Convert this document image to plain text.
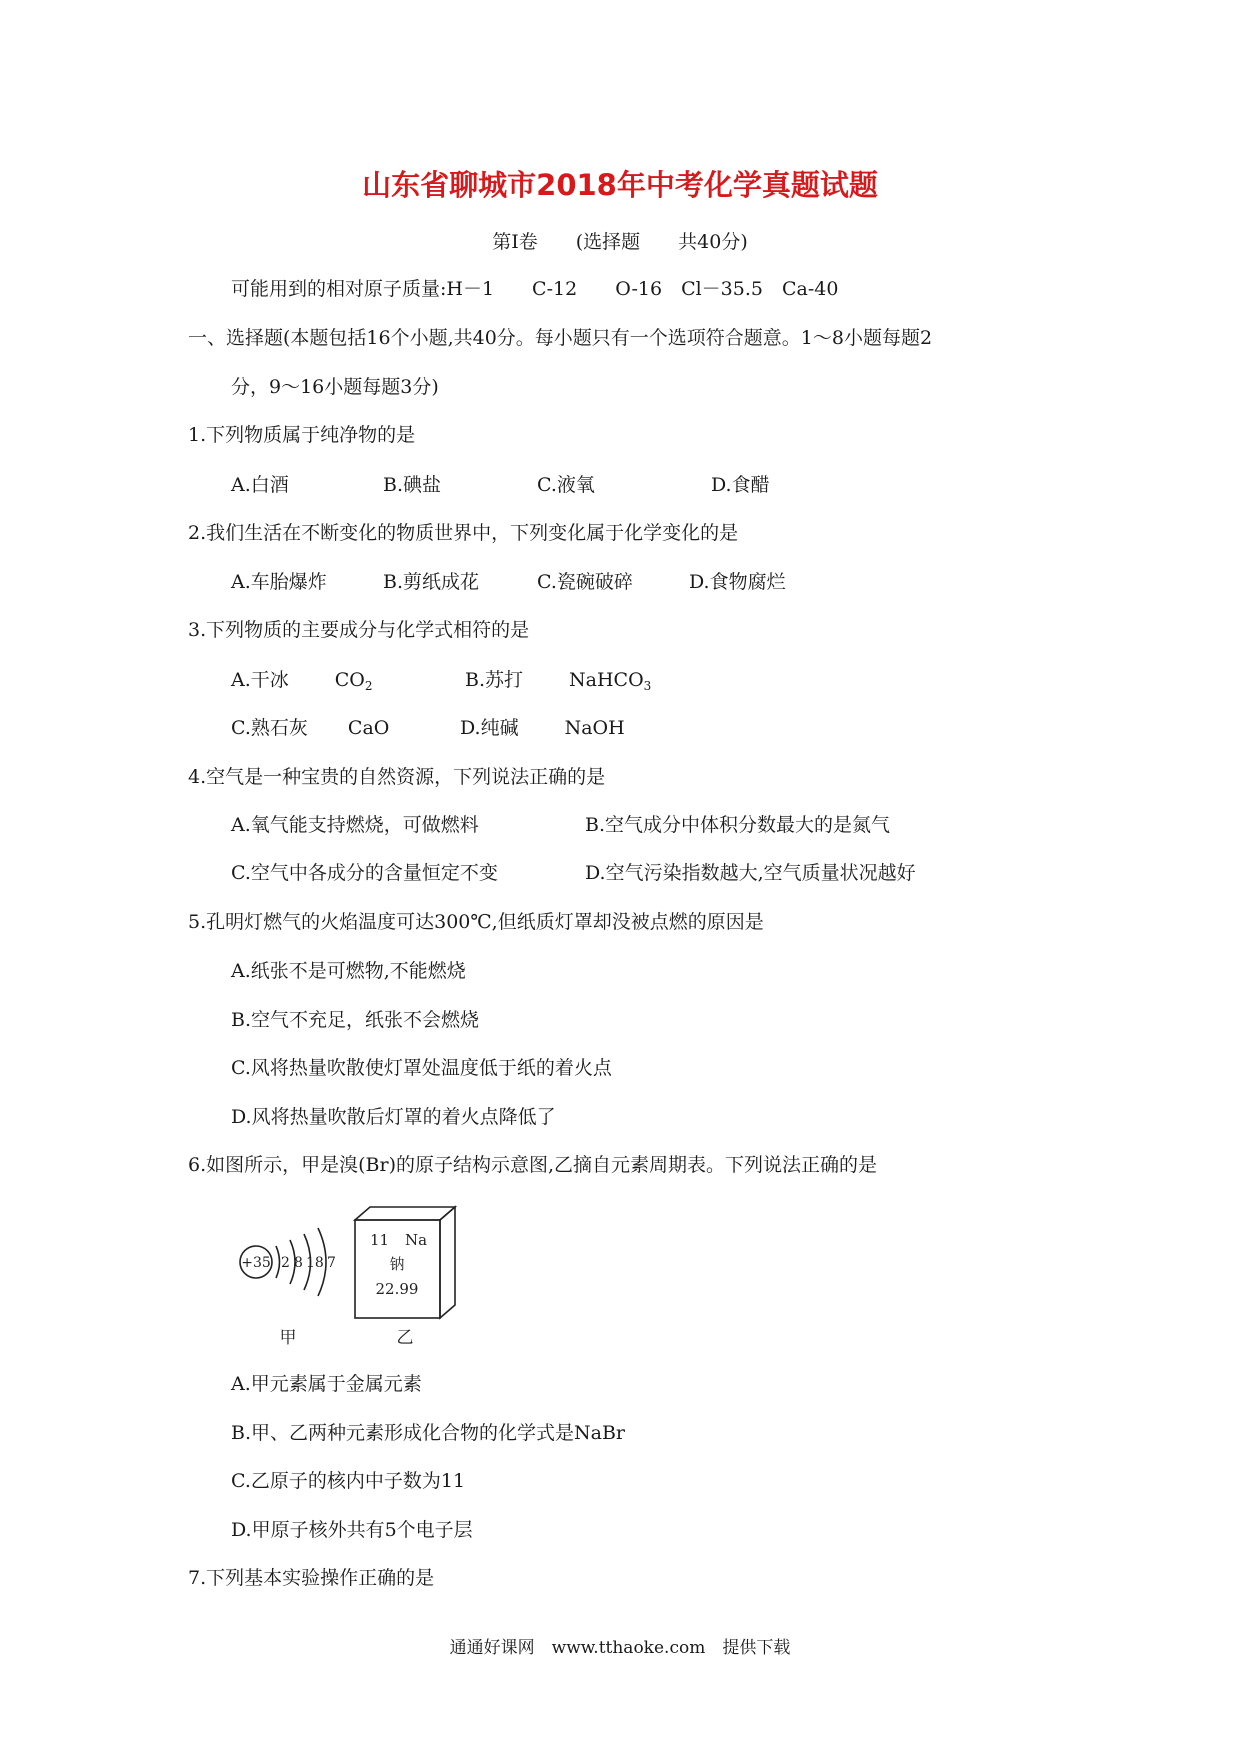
山东省聊城市2018年中考化学真题试题
第Ⅰ卷　　(选择题　　共40分)
可能用到的相对原子质量:H－1　　C-12　　O-16　Cl－35.5　Ca-40
一、选择题(本题包括16个小题,共40分。每小题只有一个选项符合题意。1～8小题每题2
分，9～16小题每题3分)
1.下列物质属于纯净物的是
A.白酒	B.碘盐	C.液氧	D.食醋
2.我们生活在不断变化的物质世界中，下列变化属于化学变化的是
A.车胎爆炸	B.剪纸成花	C.瓷碗破碎	D.食物腐烂
3.下列物质的主要成分与化学式相符的是
A.干冰 $CO_2$	B.苏打 NaHCO$_3$
C.熟石灰 CaO	D.纯碱 NaOH
4.空气是一种宝贵的自然资源，下列说法正确的是
A.氧气能支持燃烧，可做燃料	B.空气成分中体积分数最大的是氮气
C.空气中各成分的含量恒定不变	D.空气污染指数越大,空气质量状况越好
5.孔明灯燃气的火焰温度可达300℃,但纸质灯罩却没被点燃的原因是
A.纸张不是可燃物,不能燃烧
B.空气不充足，纸张不会燃烧
C.风将热量吹散使灯罩处温度低于纸的着火点
D.风将热量吹散后灯罩的着火点降低了
6.如图所示，甲是溴(Br)的原子结构示意图,乙摘自元素周期表。下列说法正确的是
+35 2 8 18 7
11 Na
钠
22.99
甲	乙
A.甲元素属于金属元素
B.甲、乙两种元素形成化合物的化学式是NaBr
C.乙原子的核内中子数为11
D.甲原子核外共有5个电子层
7.下列基本实验操作正确的是
通通好课网　www.tthaoke.com　提供下载
